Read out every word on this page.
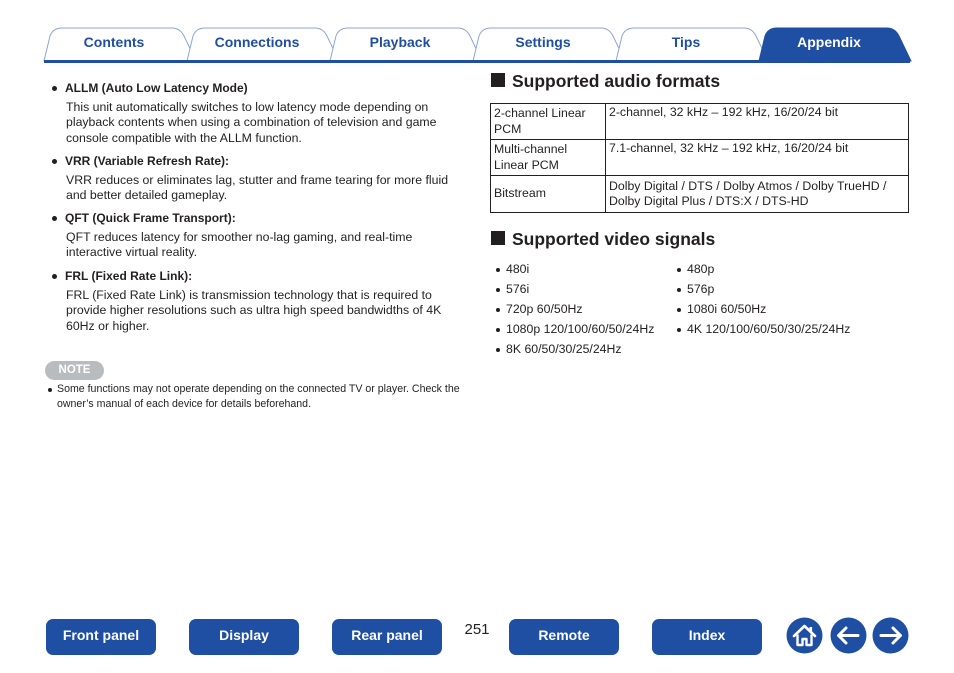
Contents	Connections	Playback	Settings	Tips	Appendix
ALLM (Auto Low Latency Mode)
This unit automatically switches to low latency mode depending on playback contents when using a combination of television and game console compatible with the ALLM function.
VRR (Variable Refresh Rate):
VRR reduces or eliminates lag, stutter and frame tearing for more fluid and better detailed gameplay.
QFT (Quick Frame Transport):
QFT reduces latency for smoother no-lag gaming, and real-time interactive virtual reality.
FRL (Fixed Rate Link):
FRL (Fixed Rate Link) is transmission technology that is required to provide higher resolutions such as ultra high speed bandwidths of 4K 60Hz or higher.
NOTE
Some functions may not operate depending on the connected TV or player. Check the owner’s manual of each device for details beforehand.
Supported audio formats
2-channel Linear PCM	2-channel, 32 kHz – 192 kHz, 16/20/24 bit
Multi-channel Linear PCM	7.1-channel, 32 kHz – 192 kHz, 16/20/24 bit
Bitstream	Dolby Digital / DTS / Dolby Atmos / Dolby TrueHD / Dolby Digital Plus / DTS:X / DTS-HD
Supported video signals
480i
576i
720p 60/50Hz
1080p 120/100/60/50/24Hz
8K 60/50/30/25/24Hz
480p
576p
1080i 60/50Hz
4K 120/100/60/50/30/25/24Hz
Front panel	Display	Rear panel	251	Remote	Index
